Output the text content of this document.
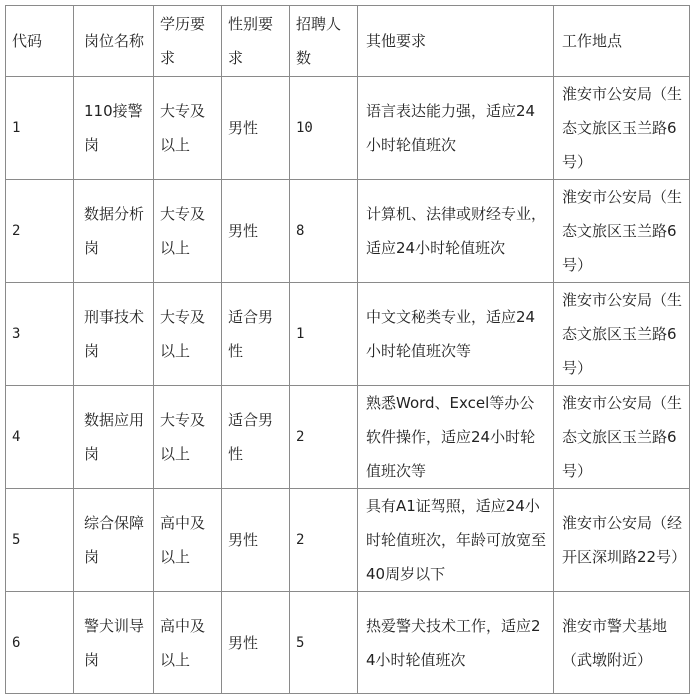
代码	岗位名称	学历要求	性别要求	招聘人数	其他要求	工作地点
1	110接警岗	大专及以上	男性	10	语言表达能力强，适应24小时轮值班次	淮安市公安局（生态文旅区玉兰路6号）
2	数据分析岗	大专及以上	男性	8	计算机、法律或财经专业，适应24小时轮值班次	淮安市公安局（生态文旅区玉兰路6号）
3	刑事技术岗	大专及以上	适合男性	1	中文文秘类专业，适应24小时轮值班次等	淮安市公安局（生态文旅区玉兰路6号）
4	数据应用岗	大专及以上	适合男性	2	熟悉Word、Excel等办公软件操作，适应24小时轮值班次等	淮安市公安局（生态文旅区玉兰路6号）
5	综合保障岗	高中及以上	男性	2	具有A1证驾照，适应24小时轮值班次，年龄可放宽至40周岁以下	淮安市公安局（经开区深圳路22号）
6	警犬训导岗	高中及以上	男性	5	热爱警犬技术工作，适应24小时轮值班次	淮安市警犬基地（武墩附近）
